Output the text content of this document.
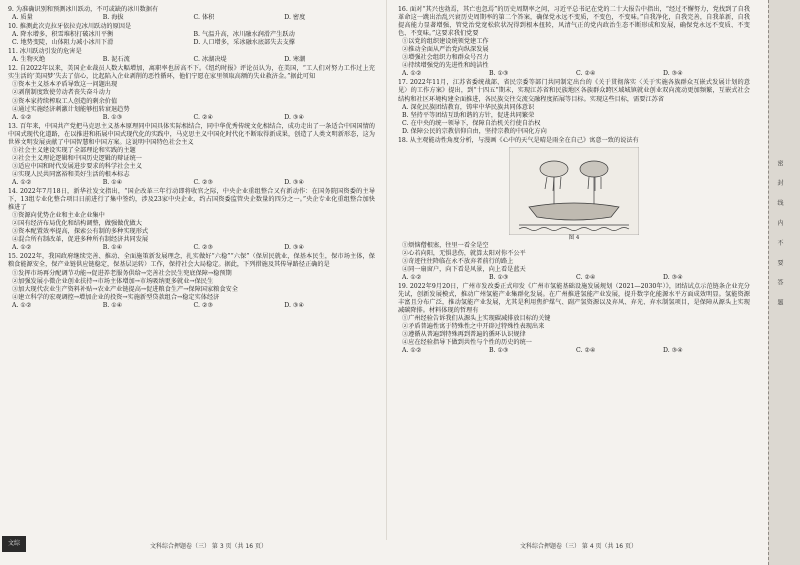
9. 为准确识别和预测冰川跃动，不可或缺的冰川数据有
A. 质量	B. 海拔	C. 体积	D. 密度
10. 推测此次克拉牙依拉克冰川跃动的原因是
A. 降水增多，积雪堆积打破冰川平衡	B. 气温升高，冰川融水润滑产生跃动
C. 地势变陡，山体阻力减小冰川下滑	D. 人口增多，采冰融水底部失去支撑
11. 冰川跃动引发的危害是
A. 生物灭绝	B. 泥石流	C. 冰湖决堤	D. 寒潮
12. 自2022年以来，美国企业裁员人数大幅增加，离职率也居高不下。《纽约时报》评论员认为，在美国，“工人们对努力工作过上充实生活的‘美国梦’失去了信心，比起陷入企业剥削的恶性循环，他们宁愿在家里领取高额的失业救济金。”据此可知
①资本主义基本矛盾导致这一问题出现
②剥削制度致使劳动者丧失奋斗动力
③资本家持续榨取工人创造的剩余价值
④通过实施经济刺激计划能够扭转衰退趋势
A. ①②	B. ①③	C. ②④	D. ③④
13. 百年来，中国共产党把马克思主义基本原理同中国具体实际相结合，同中华优秀传统文化相结合，成功走出了一条适合中国国情的中国式现代化道路，在以推进和拓展中国式现代化的实践中，马克思主义中国化时代化不断取得新成果，创造了人类文明新形态，这为世界文明发展贡献了中国智慧和中国方案。这说明中国特色社会主义
①社会主义建设实现了全部理论和实践的主题
②社会主义理论逻辑和中国历史逻辑的辩证统一
③适应中国和时代发展进步要求的科学社会主义
④实现人民共同富裕和美好生活的根本标志
A. ①②	B. ①④	C. ②③	D. ③④
14. 2022年7月18日，新华社发文指出，“国企改革三年行动即将收官之际，中央企业重组整合又有新动作：在国务院国资委的主导下，13组专业化整合项目日前进行了集中签约，涉及23家中央企业，约占国资委监管央企数量的四分之一。”央企专业化重组整合加快推进了
①资源向优势企业和主业企业集中
②国有经济布局优化和结构调整，做强做优做大
③资本配置效率提高，探索公有制的多种实现形式
④混合所有制改革，促进多种所有制经济共同发展
A. ①②	B. ①④	C. ②③	D. ③④
15. 2022年，我国政府继续完善、推动、全面施策新发展理念，扎实做好“六稳”“六保”（保居民就业，保基本民生，保市场主体，保粮食能源安全，保产业链供应链稳定，保基层运转）工作，保持社会大局稳定。据此，下列措施及其传导路径正确的是
①发挥市场再分配调节功能→促进养老服务供给→完善社会民生兜底保障→稳预期
②加强发展小微企业创业扶持→市场主体增加→市场吸纳更多就业→保民生
③加大现代农业生产资料补贴→农业产业链提高→促进粮食生产→保障国家粮食安全
④建立科学的宏观调控→增加企业的投资→实施新型贷款组合→稳定实体经济
A. ①②	B. ①④	C. ②③	D. ③④
16. 面对“其兴也勃焉，其亡也忽焉”的历史周期率之问，习近平总书记在党的二十大报告中指出，“经过不懈努力，党找到了自我革命这一跳出治乱兴衰历史周期率的第二个答案，确保党永远不变质，不变色，不变味。”自我净化，自我完善，自我革新，自我提高能力显著增强，管党治党宽松软状况得到根本扭转，风清气正的党内政治生态不断形成和发展，确保党永远不变质、不变色、不变味。”这要求我们党要
①以党的组织建设统领党建工作
②推动全面从严治党向纵深发展
③增强社会组织力和群众号召力
④持续增强党的先进性和纯洁性
A. ①②	B. ①③	C. ②④	D. ③④
17. 2022年11月，江苏省委统战部、省民宗委等部门共同制定出台的《关于贯彻落实〈关于实施各族群众互嵌式发展计划的意见〉的工作方案》提出，到“十四五”期末，实现江苏省和民族地区各族群众跨区域城镇就业创业双向流动更加频繁，互嵌式社会结构和社区环境构建全面推进，各民族交往交流交融程度拓展等目标。实现这些目标，需要江苏省
A. 深化民族团结教育，铸牢中华民族共同体意识
B. 坚持平等团结互助和谐的方针，促进共同繁荣
C. 在中央的统一领导下，保障自治机关行使自治权
D. 保障公民的宗教信仰自由，坚持宗教的中国化方向
18. 从主观能动性角度分析，与漫画《心中的天气是晴是雨全在自己》寓意一致的说法有
图 4
①烦恼僧根塞，往里一看全是空
②心若向阳，无惧悲伤，就算太阳对你不公平
③奇迹往往降临在永不放弃者前行的路上
④同一扇窗户，向下看是风景，向上看是蓝天
A. ①②	B. ①③	C. ②④	D. ③④
19. 2022年9月20日，广州市发改委正式印发《广州市氢能基础设施发展规划（2021—2030年）》，团结试点示范链条企业充分先试，创新发展模式，推动广州氢能产业集群化发展。在广州推进氢能产业发展，提升数字化能源水平方面成效明显。氢能资源丰富且分布广泛，推动氢能产业发展，尤其是利用焦炉煤气、副产氢资源以及弃风、弃光、弃水制氢项目，是保障从源头上实现减碳降排。材料体现的哲理有
①广州经验告诉我们从源头上实现碳减排放目标的关键
②矛盾普遍性寓于特殊性之中开辟过特殊性表现出来
③遵循从普遍到特殊再到普遍的循环认识规律
④应在经验指导下做到共性与个性的历史的统一
A. ①②	B. ①③	C. ②④	D. ③④
文综	文科综合押题卷（三） 第 3 页（共 16 页）	文科综合押题卷（三） 第 4 页（共 16 页）
密 封 线 内 不 要 答 题
